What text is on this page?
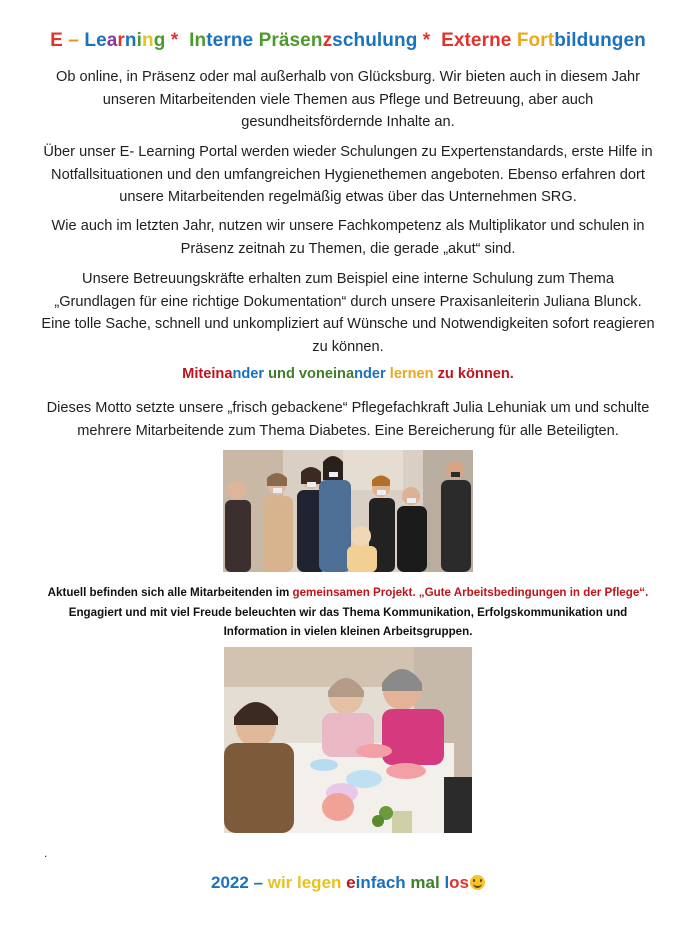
E – Learning *  Interne Präsenzschulung *  Externe Fortbildungen

Ob online, in Präsenz oder mal außerhalb von Glücksburg. Wir bieten auch in diesem Jahr unseren Mitarbeitenden viele Themen aus Pflege und Betreuung, aber auch gesundheitsfördernde Inhalte an.

Über unser E- Learning Portal werden wieder Schulungen zu Expertenstandards, erste Hilfe in Notfallsituationen und den umfangreichen Hygienethemen angeboten. Ebenso erfahren dort unsere Mitarbeitenden regelmäßig etwas über das Unternehmen SRG.

Wie auch im letzten Jahr, nutzen wir unsere Fachkompetenz als Multiplikator und schulen in Präsenz zeitnah zu Themen, die gerade „akut“ sind.

Unsere Betreuungskräfte erhalten zum Beispiel eine interne Schulung zum Thema „Grundlagen für eine richtige Dokumentation“ durch unsere Praxisanleiterin Juliana Blunck. Eine tolle Sache, schnell und unkompliziert auf Wünsche und Notwendigkeiten sofort reagieren zu können.

Miteinander und voneinander lernen zu können.

Dieses Motto setzte unsere „frisch gebackene“ Pflegefachkraft Julia Lehuniak um und schulte mehrere Mitarbeitende zum Thema Diabetes. Eine Bereicherung für alle Beteiligten.

Aktuell befinden sich alle Mitarbeitenden im gemeinsamen Projekt. „Gute Arbeitsbedingungen in der Pflege“. Engagiert und mit viel Freude beleuchten wir das Thema Kommunikation, Erfolgskommunikation und Information in vielen kleinen Arbeitsgruppen.

.
2022 – wir legen einfach mal los
